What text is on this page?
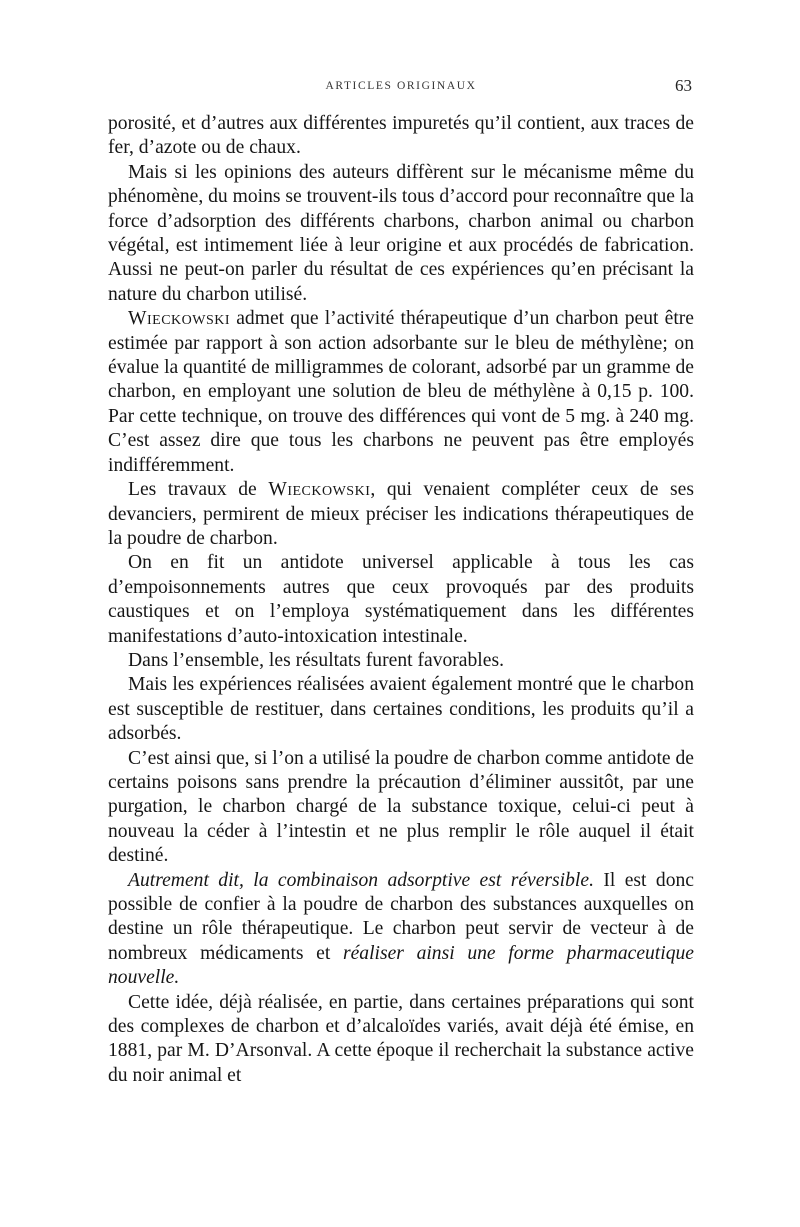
ARTICLES ORIGINAUX	63

porosité, et d’autres aux différentes impuretés qu’il contient, aux traces de fer, d’azote ou de chaux.

Mais si les opinions des auteurs diffèrent sur le mécanisme même du phénomène, du moins se trouvent-ils tous d’accord pour reconnaître que la force d’adsorption des différents charbons, charbon animal ou charbon végétal, est intimement liée à leur origine et aux procédés de fabrication. Aussi ne peut-on parler du résultat de ces expériences qu’en précisant la nature du charbon utilisé.

Wieckowski admet que l’activité thérapeutique d’un charbon peut être estimée par rapport à son action adsorbante sur le bleu de méthylène; on évalue la quantité de milligrammes de colorant, adsorbé par un gramme de charbon, en employant une solution de bleu de méthylène à 0,15 p. 100. Par cette technique, on trouve des différences qui vont de 5 mg. à 240 mg. C’est assez dire que tous les charbons ne peuvent pas être employés indifféremment.

Les travaux de Wieckowski, qui venaient compléter ceux de ses devanciers, permirent de mieux préciser les indications thérapeutiques de la poudre de charbon.

On en fit un antidote universel applicable à tous les cas d’empoisonnements autres que ceux provoqués par des produits caustiques et on l’employa systématiquement dans les différentes manifestations d’auto-intoxication intestinale.

Dans l’ensemble, les résultats furent favorables.

Mais les expériences réalisées avaient également montré que le charbon est susceptible de restituer, dans certaines conditions, les produits qu’il a adsorbés.

C’est ainsi que, si l’on a utilisé la poudre de charbon comme antidote de certains poisons sans prendre la précaution d’éliminer aussitôt, par une purgation, le charbon chargé de la substance toxique, celui-ci peut à nouveau la céder à l’intestin et ne plus remplir le rôle auquel il était destiné.

Autrement dit, la combinaison adsorptive est réversible. Il est donc possible de confier à la poudre de charbon des substances auxquelles on destine un rôle thérapeutique. Le charbon peut servir de vecteur à de nombreux médicaments et réaliser ainsi une forme pharmaceutique nouvelle.

Cette idée, déjà réalisée, en partie, dans certaines préparations qui sont des complexes de charbon et d’alcaloïdes variés, avait déjà été émise, en 1881, par M. D’Arsonval. A cette époque il recherchait la substance active du noir animal et
